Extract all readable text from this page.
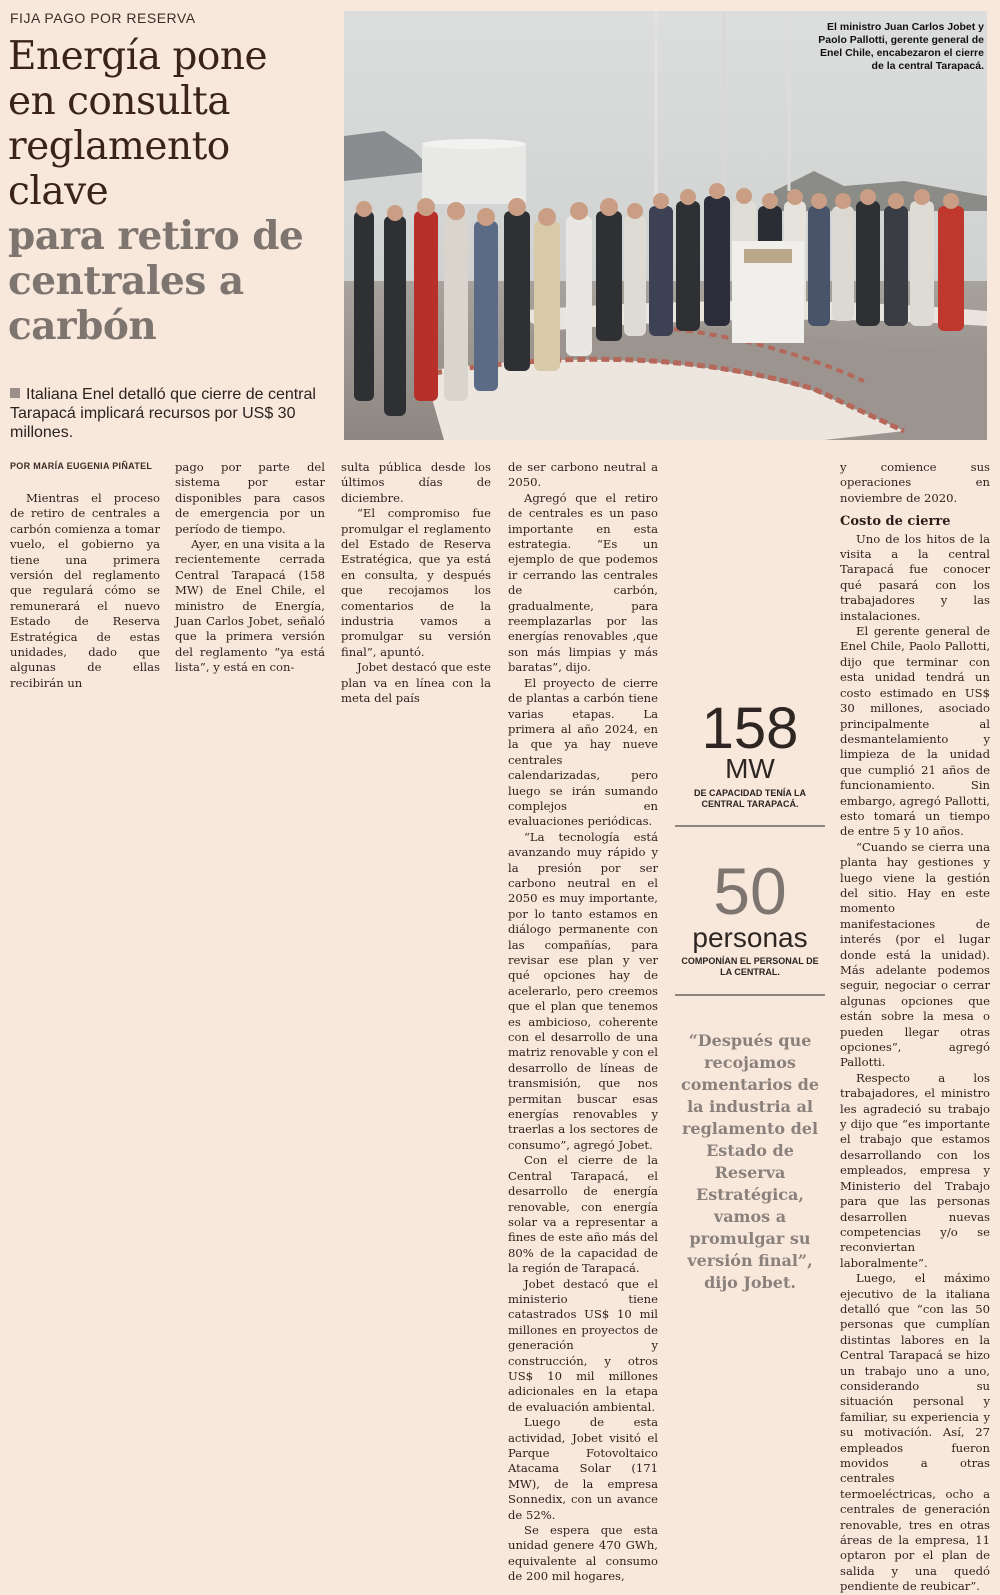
FIJA PAGO POR RESERVA
Energía pone
en consulta
reglamento clave
para retiro de
centrales a
carbón
El ministro Juan Carlos Jobet y Paolo Pallotti, gerente general de Enel Chile, encabezaron el cierre de la central Tarapacá.
Italiana Enel detalló que cierre de central Tarapacá implicará recursos por US$ 30 millones.
POR MARÍA EUGENIA PIÑATEL

Mientras el proceso de retiro de centrales a carbón comienza a tomar vuelo, el gobierno ya tiene una primera versión del reglamento que regulará cómo se remunerará el nuevo Estado de Reserva Estratégica de estas unidades, dado que algunas de ellas recibirán un

pago por parte del sistema por estar disponibles para casos de emergencia por un período de tiempo.

Ayer, en una visita a la recientemente cerrada Central Tarapacá (158 MW) de Enel Chile, el ministro de Energía, Juan Carlos Jobet, señaló que la primera versión del reglamento “ya está lista”, y está en con-

sulta pública desde los últimos días de diciembre.

“El compromiso fue promulgar el reglamento del Estado de Reserva Estratégica, que ya está en consulta, y después que recojamos los comentarios de la industria vamos a promulgar su versión final”, apuntó.

Jobet destacó que este plan va en línea con la meta del país

de ser carbono neutral a 2050.

Agregó que el retiro de centrales es un paso importante en esta estrategia. “Es un ejemplo de que podemos ir cerrando las centrales de carbón, gradualmente, para reemplazarlas por las energías renovables ,que son más limpias y más baratas”, dijo.

El proyecto de cierre de plantas a carbón tiene varias etapas. La primera al año 2024, en la que ya hay nueve centrales calendarizadas, pero luego se irán sumando complejos en evaluaciones periódicas.

“La tecnología está avanzando muy rápido y la presión por ser carbono neutral en el 2050 es muy importante, por lo tanto estamos en diálogo permanente con las compañías, para revisar ese plan y ver qué opciones hay de acelerarlo, pero creemos que el plan que tenemos es ambicioso, coherente con el desarrollo de una matriz renovable y con el desarrollo de líneas de transmisión, que nos permitan buscar esas energías renovables y traerlas a los sectores de consumo”, agregó Jobet.

Con el cierre de la Central Tarapacá, el desarrollo de energía renovable, con energía solar va a representar a fines de este año más del 80% de la capacidad de la región de Tarapacá.

Jobet destacó que el ministerio tiene catastrados US$ 10 mil millones en proyectos de generación y construcción, y otros US$ 10 mil millones adicionales en la etapa de evaluación ambiental.

Luego de esta actividad, Jobet visitó el Parque Fotovoltaico Atacama Solar (171 MW), de la empresa Sonnedix, con un avance de 52%.

Se espera que esta unidad genere 470 GWh, equivalente al consumo de 200 mil hogares,

158
MW
DE CAPACIDAD TENÍA LA CENTRAL TARAPACÁ.
50
personas
COMPONÍAN EL PERSONAL DE LA CENTRAL.
“Después que recojamos comentarios de la industria al reglamento del Estado de Reserva Estratégica, vamos a promulgar su versión final”, dijo Jobet.

y comience sus operaciones en noviembre de 2020.

Costo de cierre

Uno de los hitos de la visita a la central Tarapacá fue conocer qué pasará con los trabajadores y las instalaciones.

El gerente general de Enel Chile, Paolo Pallotti, dijo que terminar con esta unidad tendrá un costo estimado en US$ 30 millones, asociado principalmente al desmantelamiento y limpieza de la unidad que cumplió 21 años de funcionamiento. Sin embargo, agregó Pallotti, esto tomará un tiempo de entre 5 y 10 años.

“Cuando se cierra una planta hay gestiones y luego viene la gestión del sitio. Hay en este momento manifestaciones de interés (por el lugar donde está la unidad). Más adelante podemos seguir, negociar o cerrar algunas opciones que están sobre la mesa o pueden llegar otras opciones”, agregó Pallotti.

Respecto a los trabajadores, el ministro les agradeció su trabajo y dijo que “es importante el trabajo que estamos desarrollando con los empleados, empresa y Ministerio del Trabajo para que las personas desarrollen nuevas competencias y/o se reconviertan laboralmente”.

Luego, el máximo ejecutivo de la italiana detalló que “con las 50 personas que cumplían distintas labores en la Central Tarapacá se hizo un trabajo uno a uno, considerando su situación personal y familiar, su experiencia y su motivación. Así, 27 empleados fueron movidos a otras centrales termoeléctricas, ocho a centrales de generación renovable, tres en otras áreas de la empresa, 11 optaron por el plan de salida y una quedó pendiente de reubicar”.
